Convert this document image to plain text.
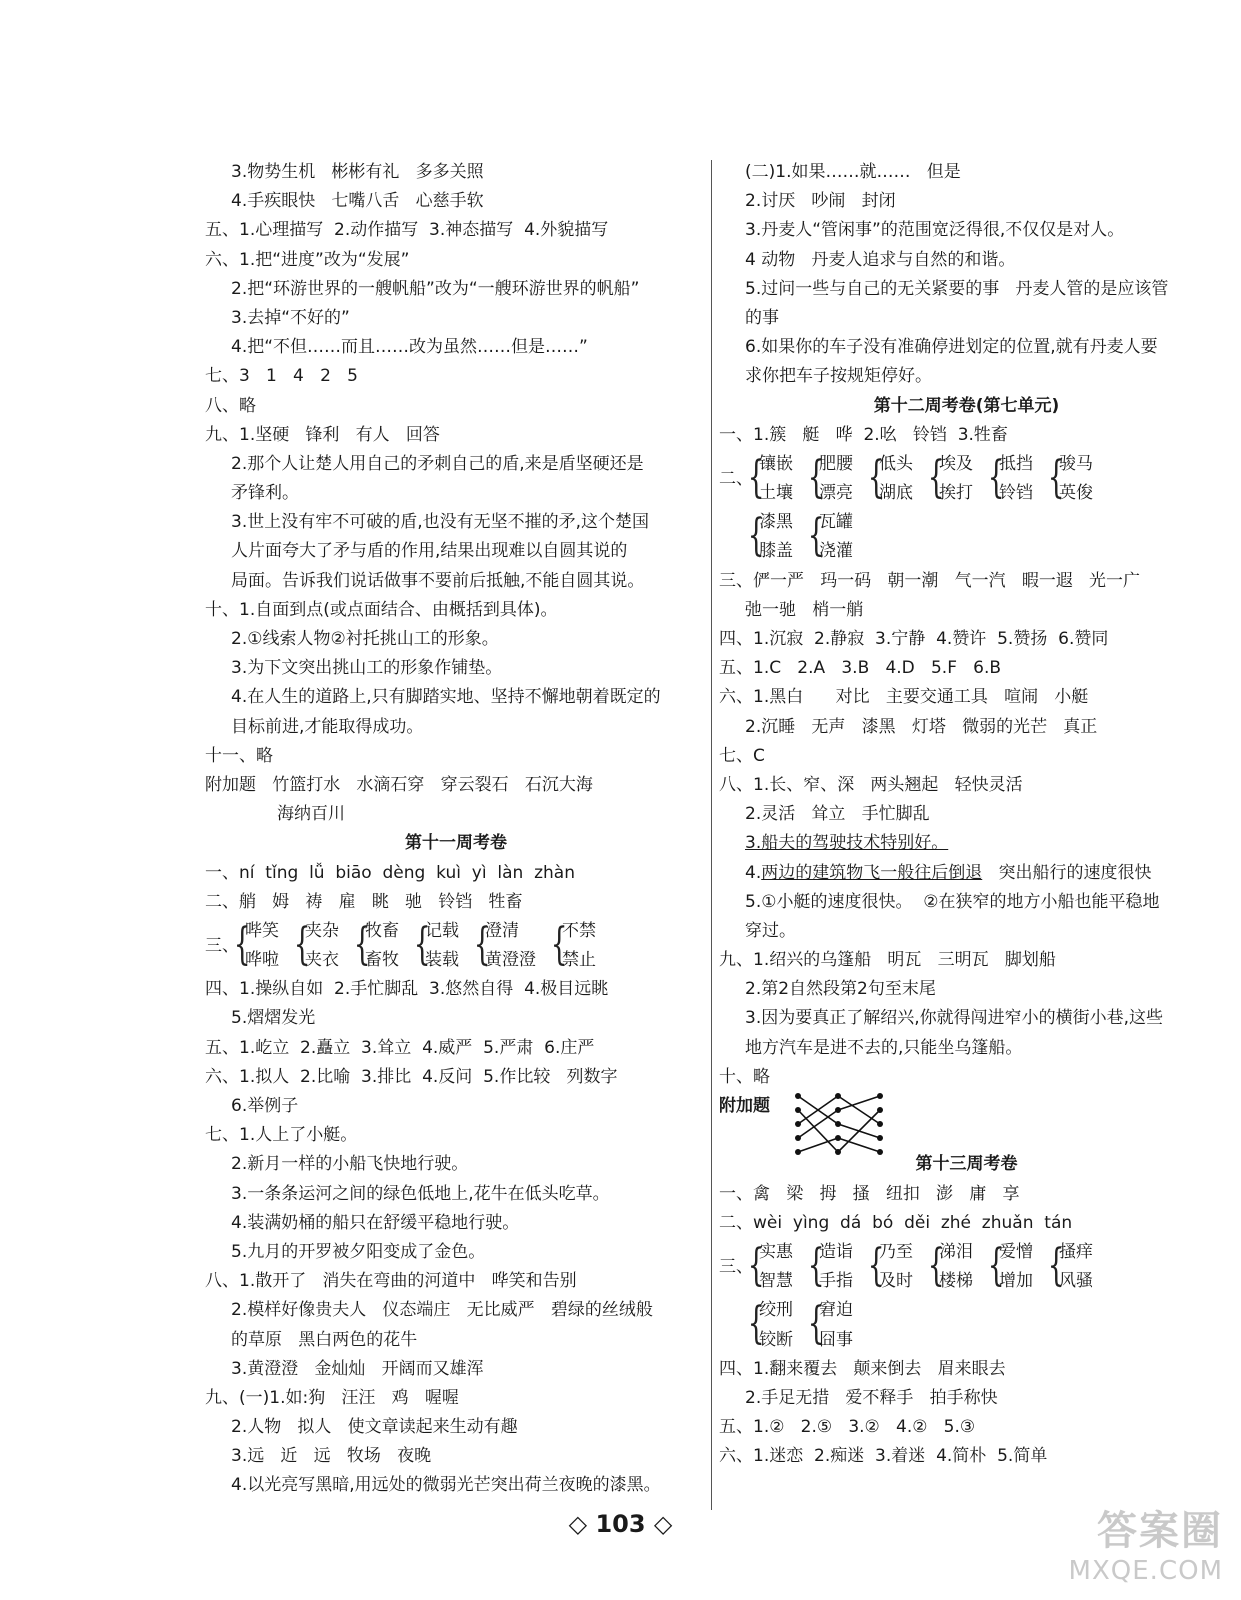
3.物势生机   彬彬有礼   多多关照
4.手疾眼快   七嘴八舌   心慈手软
五、1.心理描写  2.动作描写  3.神态描写  4.外貌描写
六、1.把“进度”改为“发展”
2.把“环游世界的一艘帆船”改为“一艘环游世界的帆船”
3.去掉“不好的”
4.把“不但……而且……改为虽然……但是……”
七、3   1   4   2   5
八、略
九、1.坚硬   锋利   有人   回答
2.那个人让楚人用自己的矛刺自己的盾,来是盾坚硬还是
矛锋利。
3.世上没有牢不可破的盾,也没有无坚不摧的矛,这个楚国
人片面夸大了矛与盾的作用,结果出现难以自圆其说的
局面。告诉我们说话做事不要前后抵触,不能自圆其说。
十、1.自面到点(或点面结合、由概括到具体)。
2.①线索人物②衬托挑山工的形象。
3.为下文突出挑山工的形象作铺垫。
4.在人生的道路上,只有脚踏实地、坚持不懈地朝着既定的
目标前进,才能取得成功。
十一、略
附加题   竹篮打水   水滴石穿   穿云裂石   石沉大海
海纳百川
第十一周考卷
一、ní  tǐng  lǚ  biāo  dèng  kuì  yì  làn  zhàn
二、艄   姆   祷   雇   眺   驰   铃铛   牲畜
三、
{
哔笑
哗啦 {
夹杂
夹衣 {
牧畜
畜牧 {
记载
装载 {
澄清
黄澄澄 {
不禁
禁止
四、1.操纵自如  2.手忙脚乱  3.悠然自得  4.极目远眺
5.熠熠发光
五、1.屹立  2.矗立  3.耸立  4.威严  5.严肃  6.庄严
六、1.拟人  2.比喻  3.排比  4.反问  5.作比较   列数字
6.举例子
七、1.人上了小艇。
2.新月一样的小船飞快地行驶。
3.一条条运河之间的绿色低地上,花牛在低头吃草。
4.装满奶桶的船只在舒缓平稳地行驶。
5.九月的开罗被夕阳变成了金色。
八、1.散开了   消失在弯曲的河道中   哗笑和告别
2.模样好像贵夫人   仪态端庄   无比威严   碧绿的丝绒般
的草原   黑白两色的花牛
3.黄澄澄   金灿灿   开阔而又雄浑
九、(一)1.如:狗   汪汪   鸡   喔喔
2.人物   拟人   使文章读起来生动有趣
3.远   近   远   牧场   夜晚
4.以光亮写黑暗,用远处的微弱光芒突出荷兰夜晚的漆黑。
(二)1.如果……就……   但是
2.讨厌   吵闹   封闭
3.丹麦人“管闲事”的范围宽泛得很,不仅仅是对人。
4 动物   丹麦人追求与自然的和谐。
5.过问一些与自己的无关紧要的事   丹麦人管的是应该管
的事
6.如果你的车子没有准确停进划定的位置,就有丹麦人要
求你把车子按规矩停好。
第十二周考卷(第七单元)
一、1.簇   艇   哗  2.吆   铃铛  3.牲畜
二、
{
镶嵌
土壤 {
肥腰
漂亮 {
低头
湖底 {
埃及
挨打 {
抵挡
铃铛 {
骏马
英俊
{
漆黑
膝盖 {
瓦罐
浇灌
三、俨一严   玛一码   朝一潮   气一汽   暇一遐   光一广
弛一驰   梢一艄
四、1.沉寂  2.静寂  3.宁静  4.赞许  5.赞扬  6.赞同
五、1.C   2.A   3.B   4.D   5.F   6.B
六、1.黑白      对比   主要交通工具   喧闹   小艇
2.沉睡   无声   漆黑   灯塔   微弱的光芒   真正
七、C
八、1.长、窄、深   两头翘起   轻快灵活
2.灵活   耸立   手忙脚乱
3.船夫的驾驶技术特别好。
4.两边的建筑物飞一般往后倒退   突出船行的速度很快
5.①小艇的速度很快。  ②在狭窄的地方小船也能平稳地
穿过。
九、1.绍兴的乌篷船   明瓦   三明瓦   脚划船
2.第2自然段第2句至末尾
3.因为要真正了解绍兴,你就得闯进窄小的横街小巷,这些
地方汽车是进不去的,只能坐乌篷船。
十、略
附加题
第十三周考卷
一、禽   梁   拇   搔   纽扣   澎   庸   享
二、wèi  yìng  dá  bó  děi  zhé  zhuǎn  tán
三、
{
实惠
智慧 {
造诣
手指 {
乃至
及时 {
涕泪
楼梯 {
爱憎
增加 {
搔痒
风骚
{
绞刑
铰断 {
窘迫
囧事
四、1.翻来覆去   颠来倒去   眉来眼去
2.手足无措   爱不释手   拍手称快
五、1.②   2.⑤   3.②   4.②   5.③
六、1.迷恋  2.痴迷  3.着迷  4.简朴  5.简单
◇ 103 ◇	答案圈
MXQE.COM
